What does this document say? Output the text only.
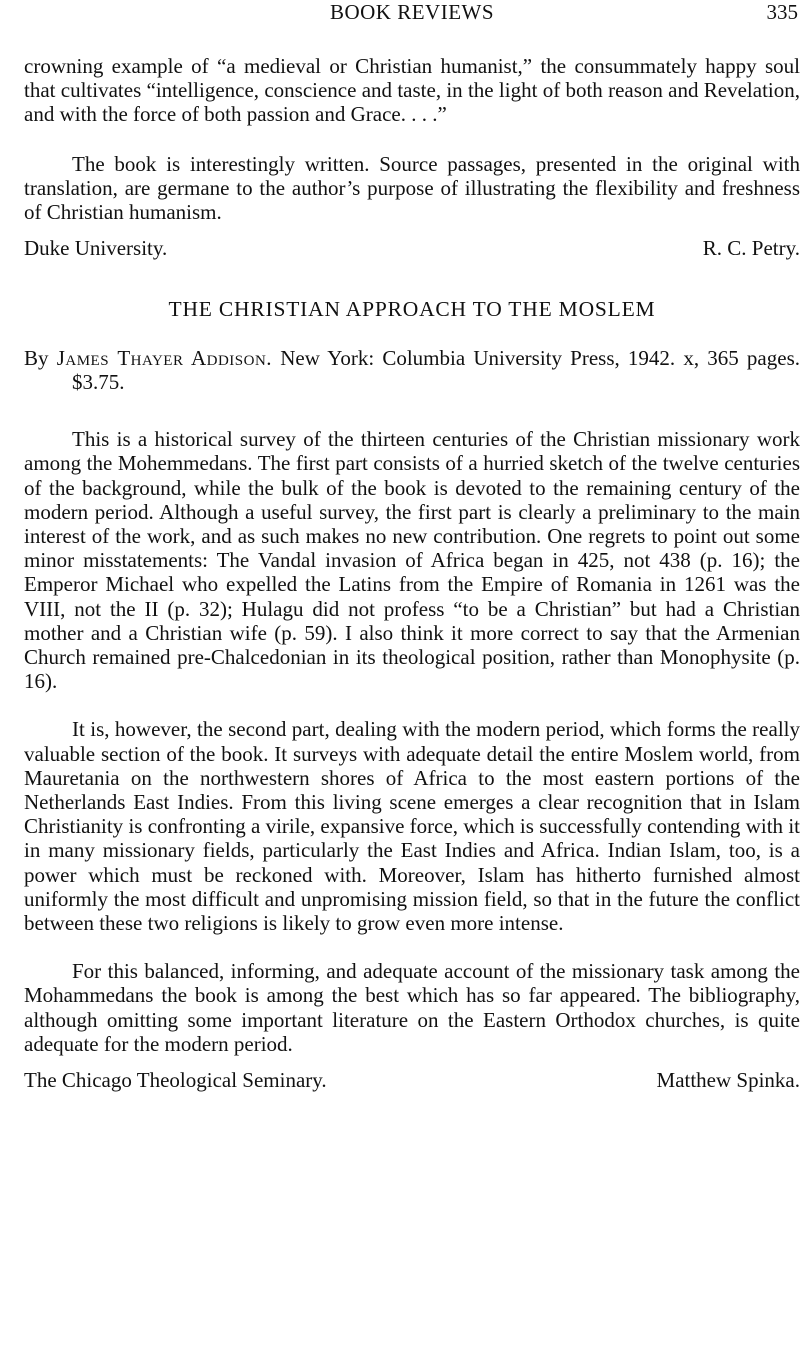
BOOK REVIEWS	335

crowning example of “a medieval or Christian humanist,” the consummately happy soul that cultivates “intelligence, conscience and taste, in the light of both reason and Revelation, and with the force of both passion and Grace. . . .”

The book is interestingly written. Source passages, presented in the original with translation, are germane to the author’s purpose of illustrating the flexibility and freshness of Christian humanism.

Duke University.	R. C. Petry.
THE CHRISTIAN APPROACH TO THE MOSLEM
By James Thayer Addison. New York: Columbia University Press, 1942. x, 365 pages. $3.75.

This is a historical survey of the thirteen centuries of the Christian missionary work among the Mohemmedans. The first part consists of a hurried sketch of the twelve centuries of the background, while the bulk of the book is devoted to the remaining century of the modern period. Although a useful survey, the first part is clearly a preliminary to the main interest of the work, and as such makes no new contribution. One regrets to point out some minor misstatements: The Vandal invasion of Africa began in 425, not 438 (p. 16); the Emperor Michael who expelled the Latins from the Empire of Romania in 1261 was the VIII, not the II (p. 32); Hulagu did not profess “to be a Christian” but had a Christian mother and a Christian wife (p. 59). I also think it more correct to say that the Armenian Church remained pre-Chalcedonian in its theological position, rather than Monophysite (p. 16).

It is, however, the second part, dealing with the modern period, which forms the really valuable section of the book. It surveys with adequate detail the entire Moslem world, from Mauretania on the northwestern shores of Africa to the most eastern portions of the Netherlands East Indies. From this living scene emerges a clear recognition that in Islam Christianity is confronting a virile, expansive force, which is successfully contending with it in many missionary fields, particularly the East Indies and Africa. Indian Islam, too, is a power which must be reckoned with. Moreover, Islam has hitherto furnished almost uniformly the most difficult and unpromising mission field, so that in the future the conflict between these two religions is likely to grow even more intense.

For this balanced, informing, and adequate account of the missionary task among the Mohammedans the book is among the best which has so far appeared. The bibliography, although omitting some important literature on the Eastern Orthodox churches, is quite adequate for the modern period.

The Chicago Theological Seminary.	Matthew Spinka.
